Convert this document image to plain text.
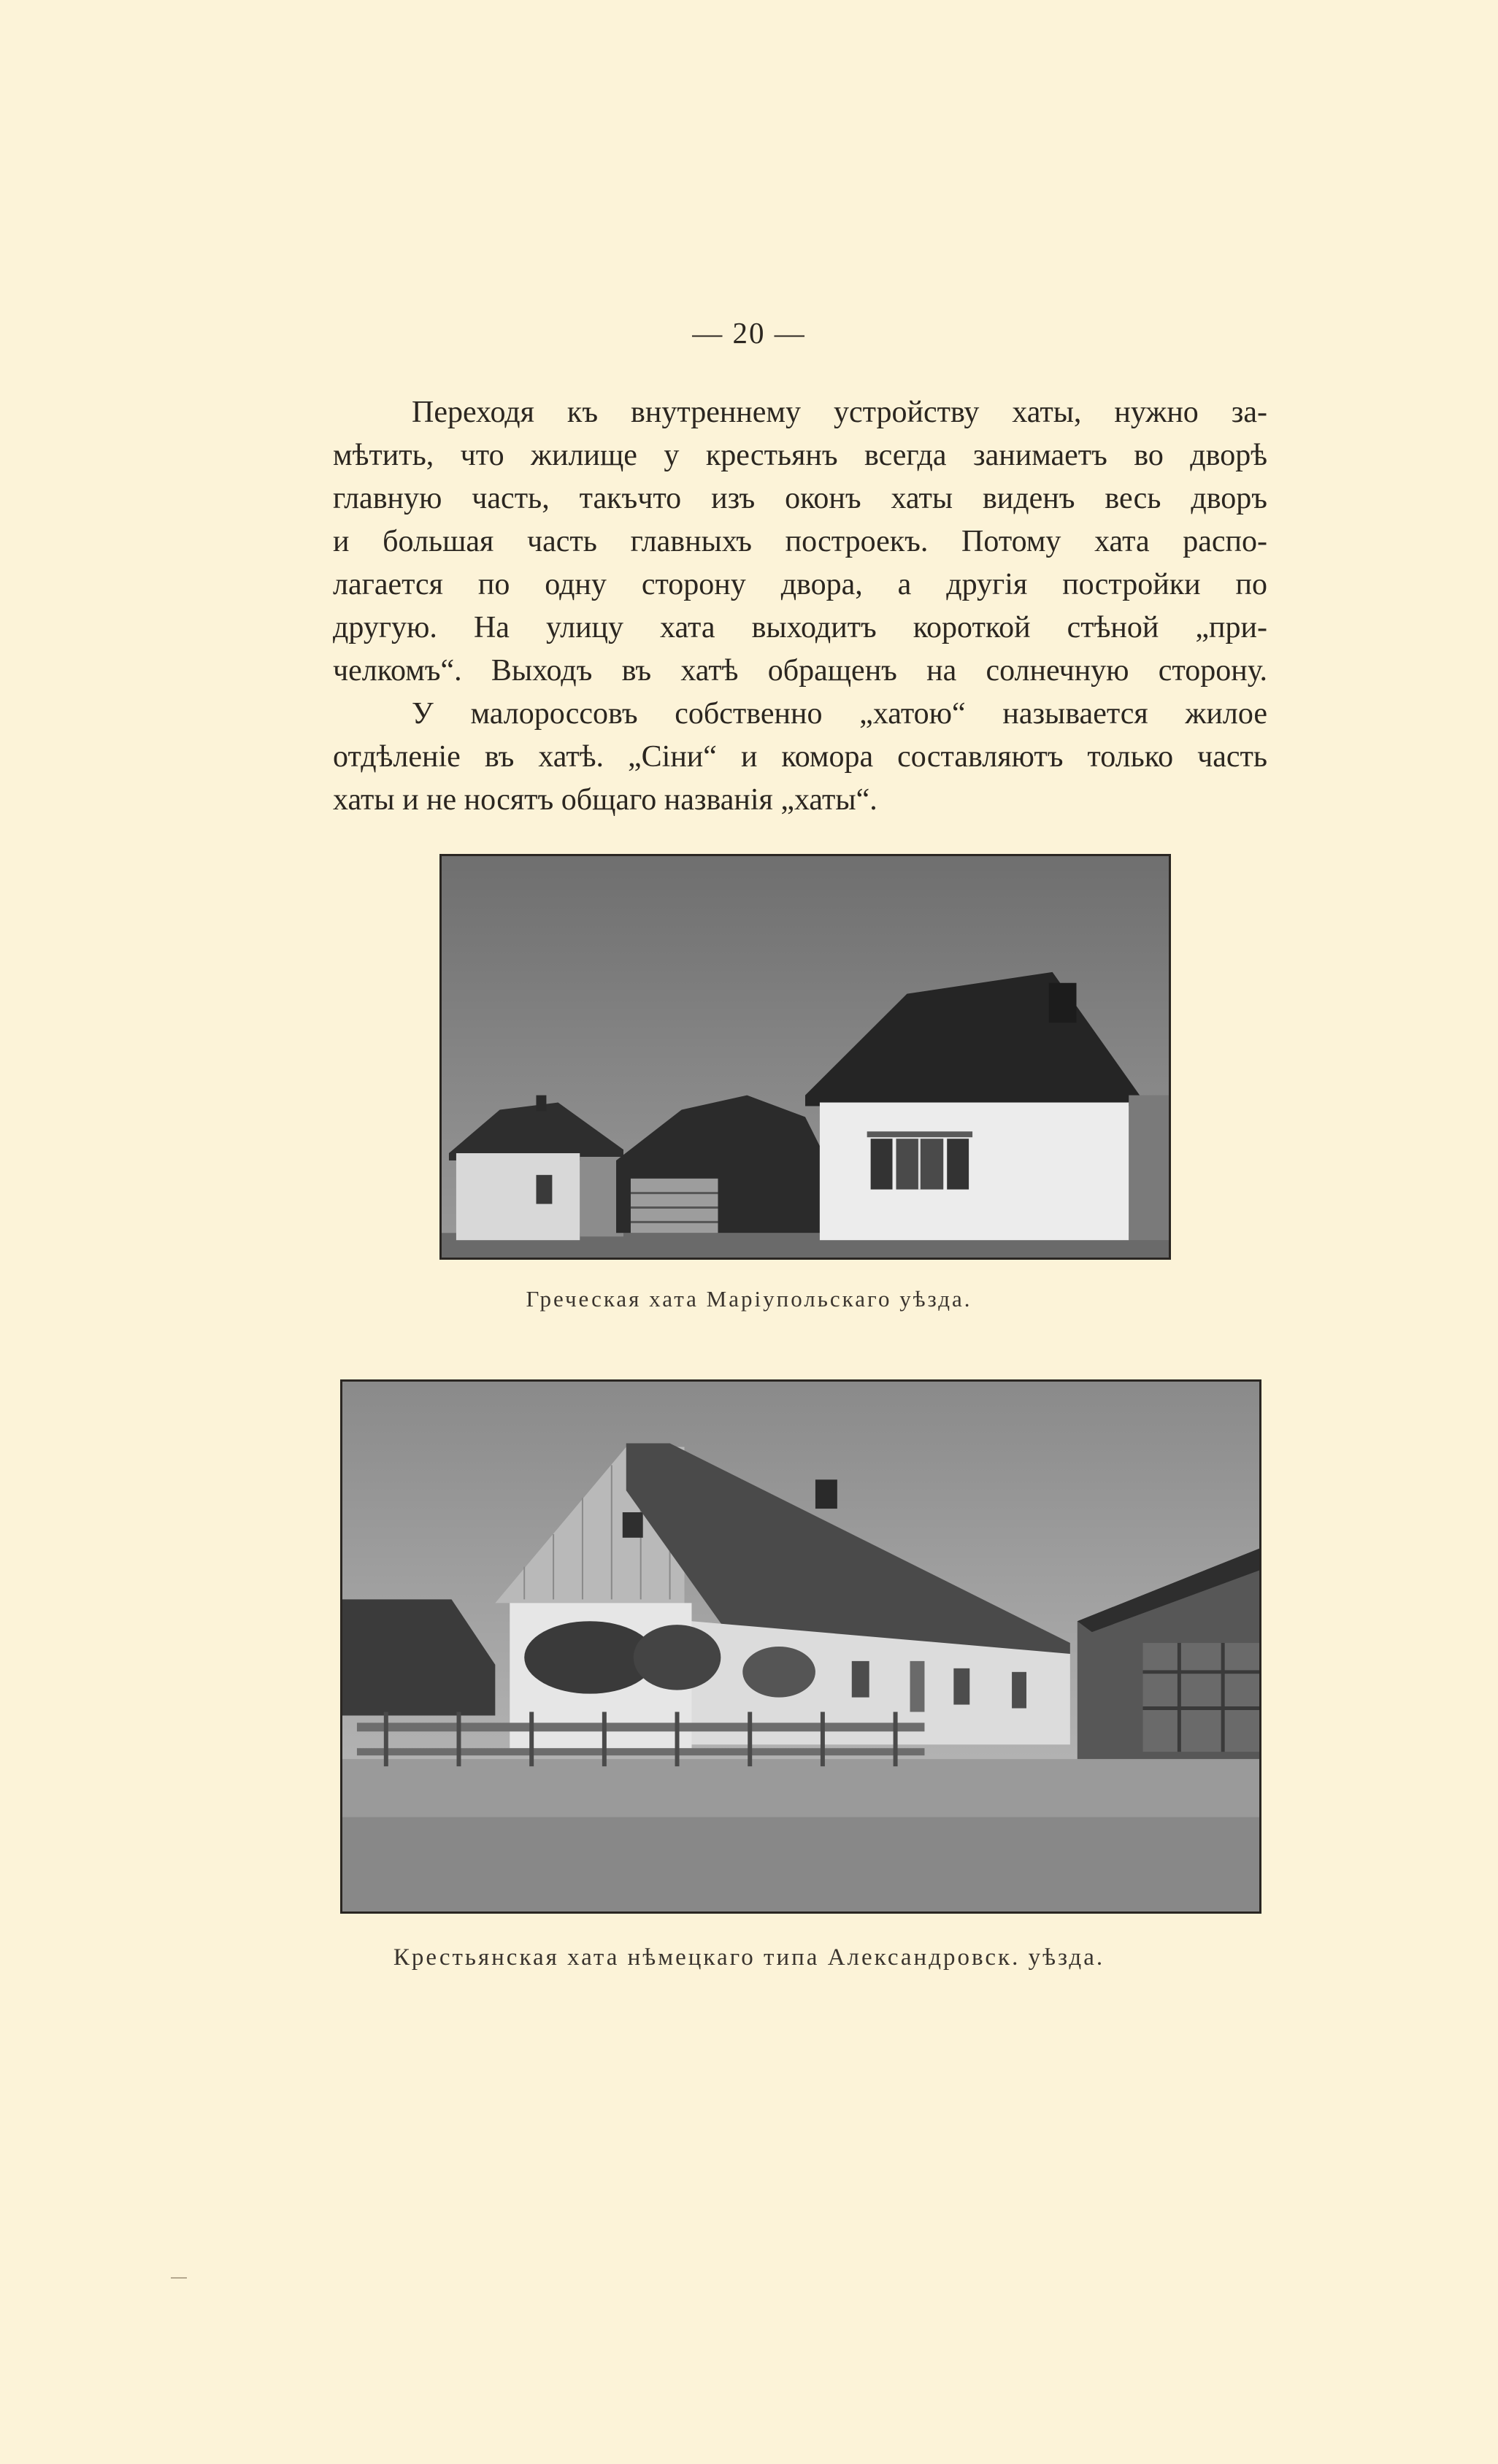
— 20 —

Переходя къ внутреннему устройству хаты, нужно за-
мѣтить, что жилище у крестьянъ всегда занимаетъ во дворѣ
главную часть, такъчто изъ оконъ хаты виденъ весь дворъ
и большая часть главныхъ построекъ. Потому хата распо-
лагается по одну сторону двора, а другія постройки по
другую. На улицу хата выходитъ короткой стѣной „при-
челкомъ“. Выходъ въ хатѣ обращенъ на солнечную сторону.

У малороссовъ собственно „хатою“ называется жилое
отдѣленіе въ хатѣ. „Сіни“ и комора составляютъ только часть
хаты и не носятъ общаго названія „хаты“.

Греческая хата Маріупольскаго уѣзда.
Крестьянская хата нѣмецкаго типа Александровск. уѣзда.
